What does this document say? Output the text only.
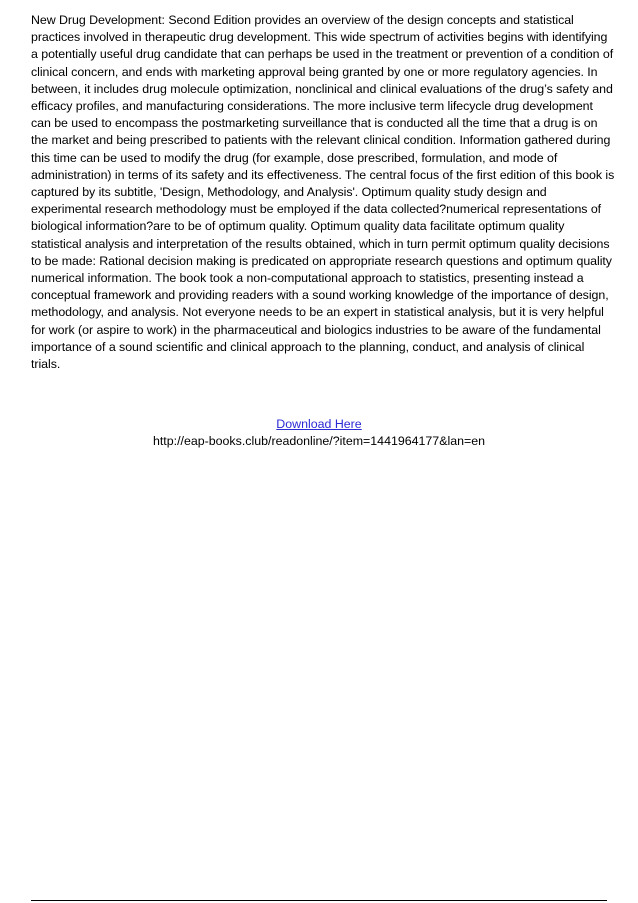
New Drug Development: Second Edition provides an overview of the design concepts and statistical practices involved in therapeutic drug development. This wide spectrum of activities begins with identifying a potentially useful drug candidate that can perhaps be used in the treatment or prevention of a condition of clinical concern, and ends with marketing approval being granted by one or more regulatory agencies. In between, it includes drug molecule optimization, nonclinical and clinical evaluations of the drug’s safety and efficacy profiles, and manufacturing considerations. The more inclusive term lifecycle drug development can be used to encompass the postmarketing surveillance that is conducted all the time that a drug is on the market and being prescribed to patients with the relevant clinical condition. Information gathered during this time can be used to modify the drug (for example, dose prescribed, formulation, and mode of administration) in terms of its safety and its effectiveness. The central focus of the first edition of this book is captured by its subtitle, 'Design, Methodology, and Analysis'. Optimum quality study design and experimental research methodology must be employed if the data collected?numerical representations of biological information?are to be of optimum quality. Optimum quality data facilitate optimum quality statistical analysis and interpretation of the results obtained, which in turn permit optimum quality decisions to be made: Rational decision making is predicated on appropriate research questions and optimum quality numerical information. The book took a non-computational approach to statistics, presenting instead a conceptual framework and providing readers with a sound working knowledge of the importance of design, methodology, and analysis. Not everyone needs to be an expert in statistical analysis, but it is very helpful for work (or aspire to work) in the pharmaceutical and biologics industries to be aware of the fundamental importance of a sound scientific and clinical approach to the planning, conduct, and analysis of clinical trials.

Download Here
http://eap-books.club/readonline/?item=1441964177&lan=en
